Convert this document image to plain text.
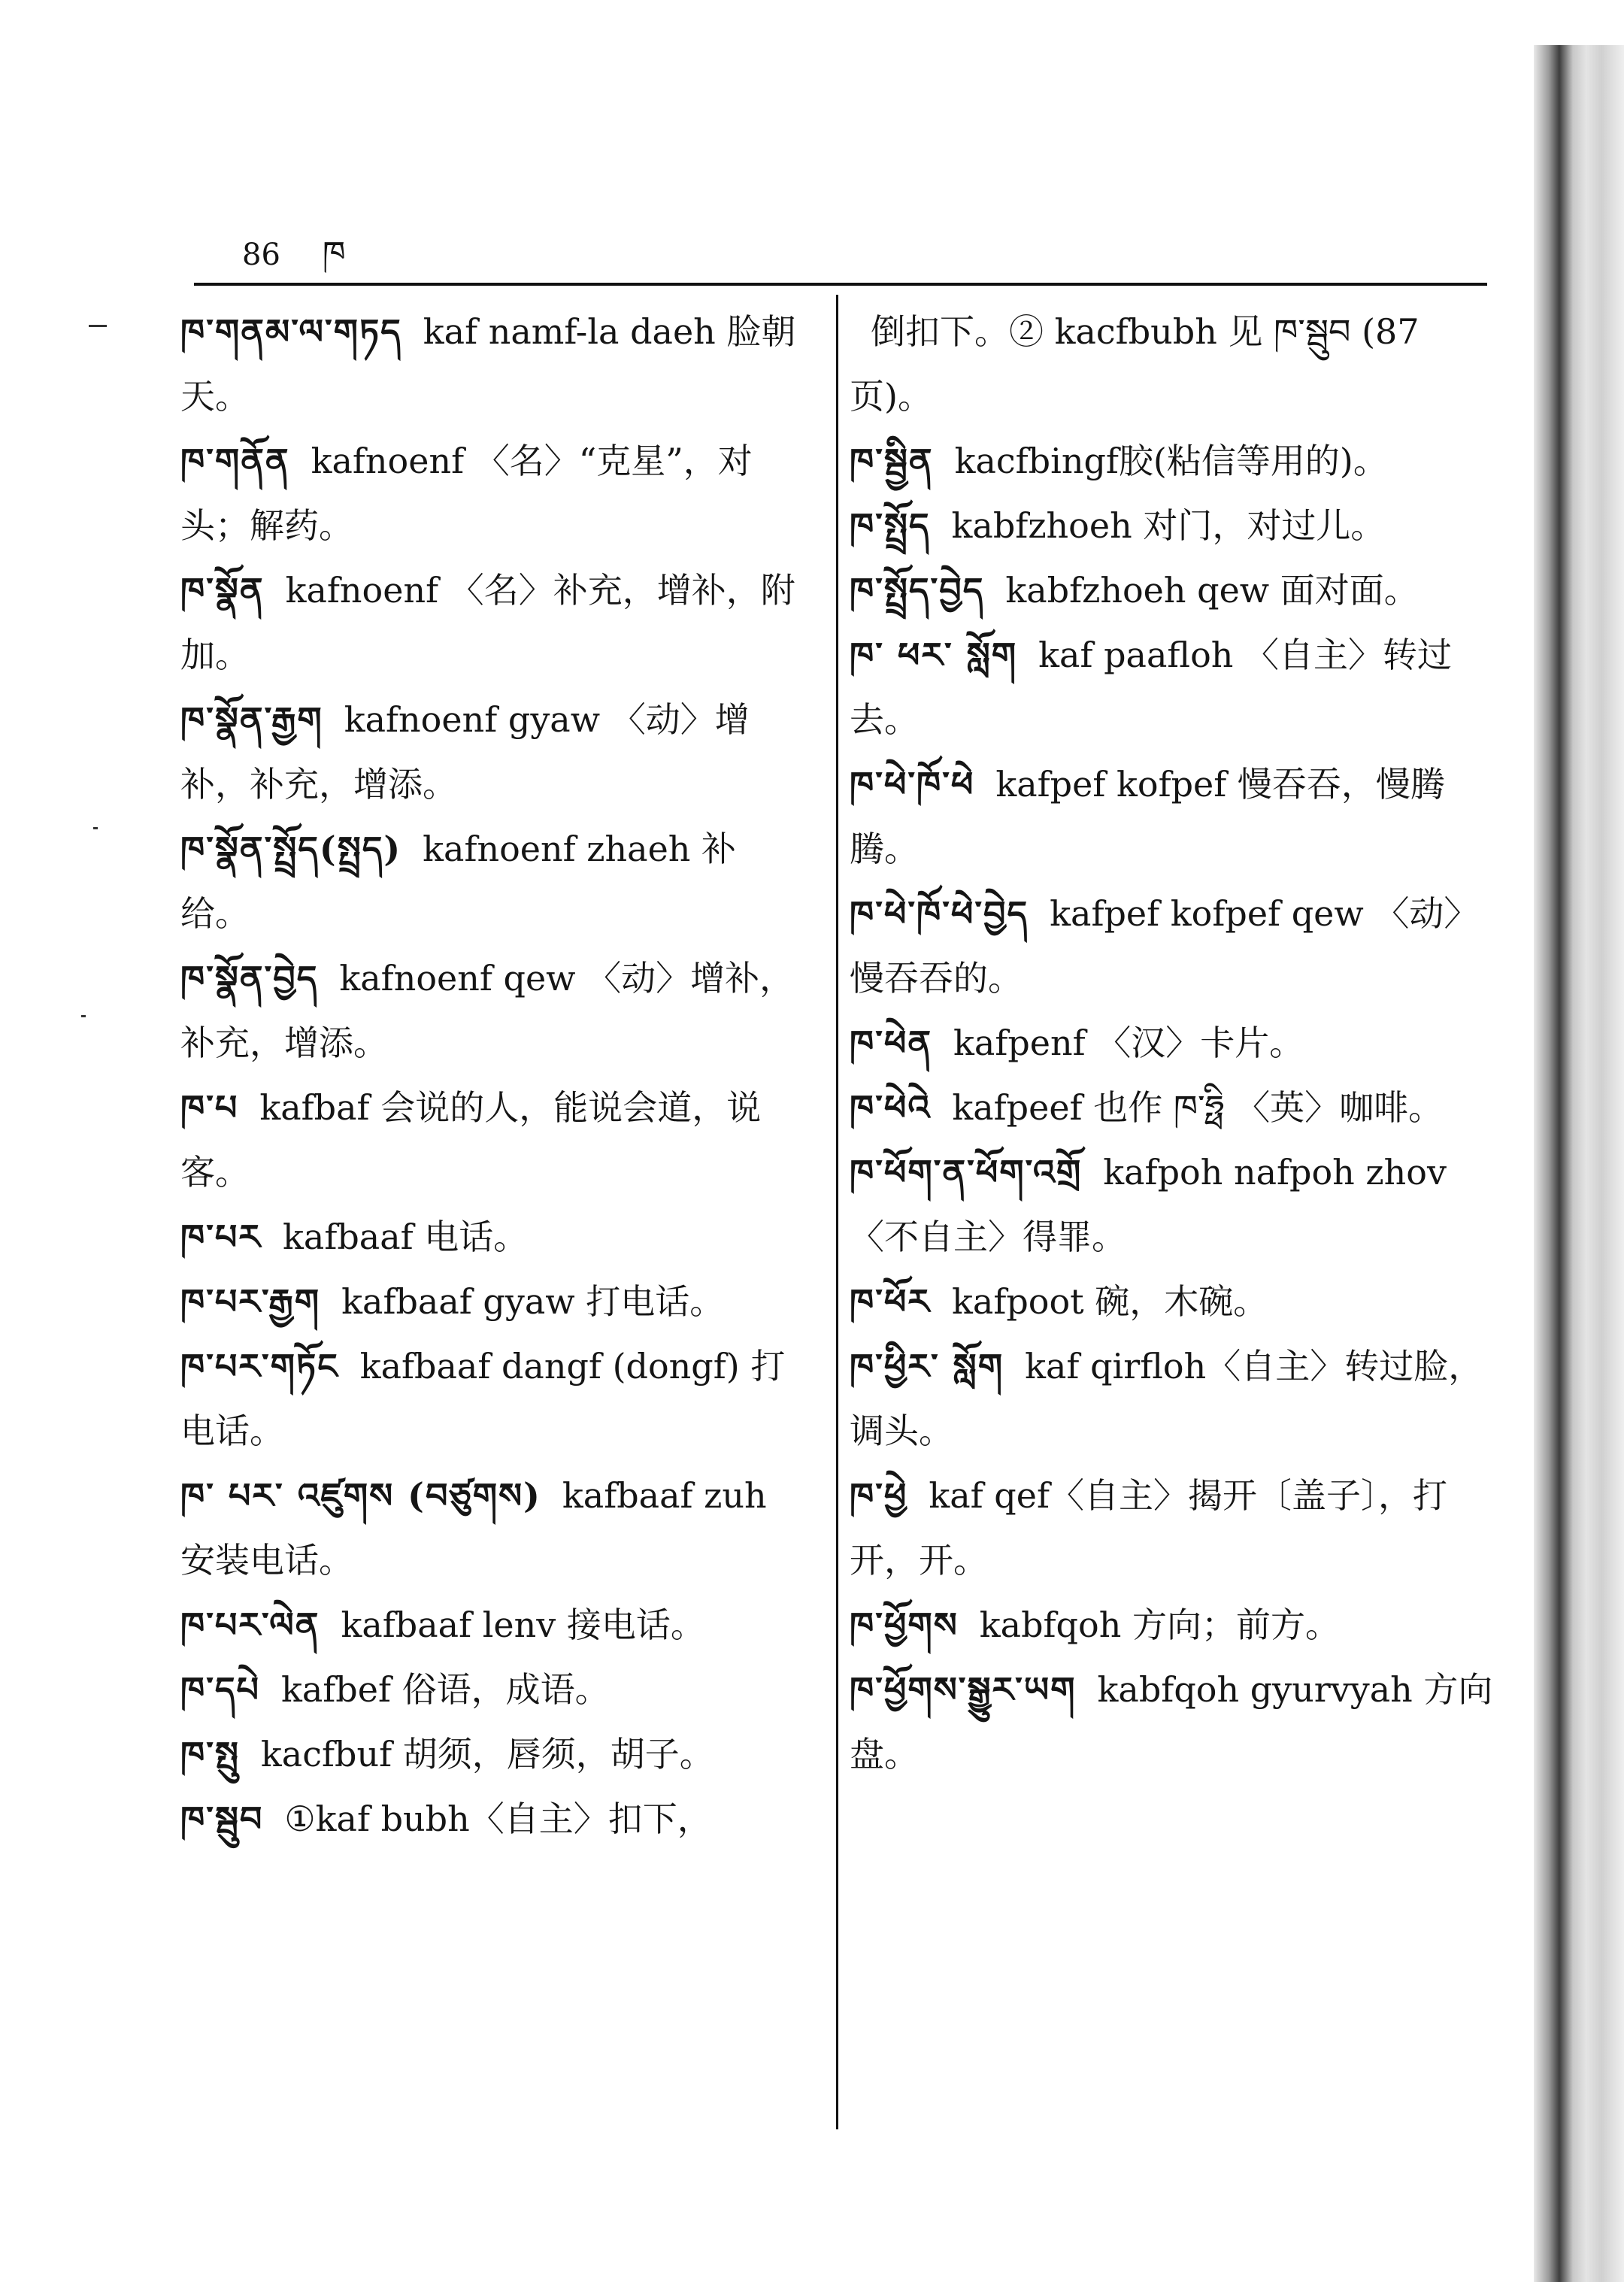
86 ཁ
ཁ་གནམ་ལ་གཏད kaf namf-la daeh 脸朝天。
ཁ་གནོན kafnoenf 〈名〉“克星”，对头；解药。
ཁ་སྣོན kafnoenf 〈名〉补充，增补，附加。
ཁ་སྣོན་རྒྱག kafnoenf gyaw 〈动〉增补，补充，增添。
ཁ་སྣོན་སྤྲོད(སྤྲད) kafnoenf zhaeh 补给。
ཁ་སྣོན་བྱེད kafnoenf qew 〈动〉增补，补充，增添。
ཁ་པ kafbaf 会说的人，能说会道，说客。
ཁ་པར kafbaaf 电话。
ཁ་པར་རྒྱག kafbaaf gyaw 打电话。
ཁ་པར་གཏོང kafbaaf dangf (dongf) 打电话。
ཁ་ པར་ འཛུགས (བཙུགས) kafbaaf zuh 安装电话。
ཁ་པར་ལེན kafbaaf lenv 接电话。
ཁ་དཔེ kafbef 俗语，成语。
ཁ་སྤུ kacfbuf 胡须，唇须，胡子。
ཁ་སྦུབ ①kaf bubh〈自主〉扣下，
倒扣下。② kacfbubh 见 ཁ་སྦུབ (87页)。
ཁ་སྦྱིན kacfbingf胶(粘信等用的)。
ཁ་སྤྲོད kabfzhoeh 对门，对过儿。
ཁ་སྤྲོད་བྱེད kabfzhoeh qew 面对面。
ཁ་ ཕར་ སློག kaf paafloh 〈自主〉转过去。
ཁ་ཕེ་ཁོ་ཕེ kafpef kofpef 慢吞吞，慢腾腾。
ཁ་ཕེ་ཁོ་ཕེ་བྱེད kafpef kofpef qew 〈动〉慢吞吞的。
ཁ་ཕེན kafpenf 〈汉〉卡片。
ཁ་ཕེའེ kafpeef 也作 ཁ་ཧྥི 〈英〉咖啡。
ཁ་ཕོག་ན་ཕོག་འགྲོ kafpoh nafpoh zhov 〈不自主〉得罪。
ཁ་ཕོར kafpoot 碗，木碗。
ཁ་ཕྱིར་ སློག kaf qirfloh〈自主〉转过脸，调头。
ཁ་ཕྱེ kaf qef〈自主〉揭开〔盖子〕，打开，开。
ཁ་ཕྱོགས kabfqoh 方向；前方。
ཁ་ཕྱོགས་སྒྱུར་ཡག kabfqoh gyurvyah 方向盘。
